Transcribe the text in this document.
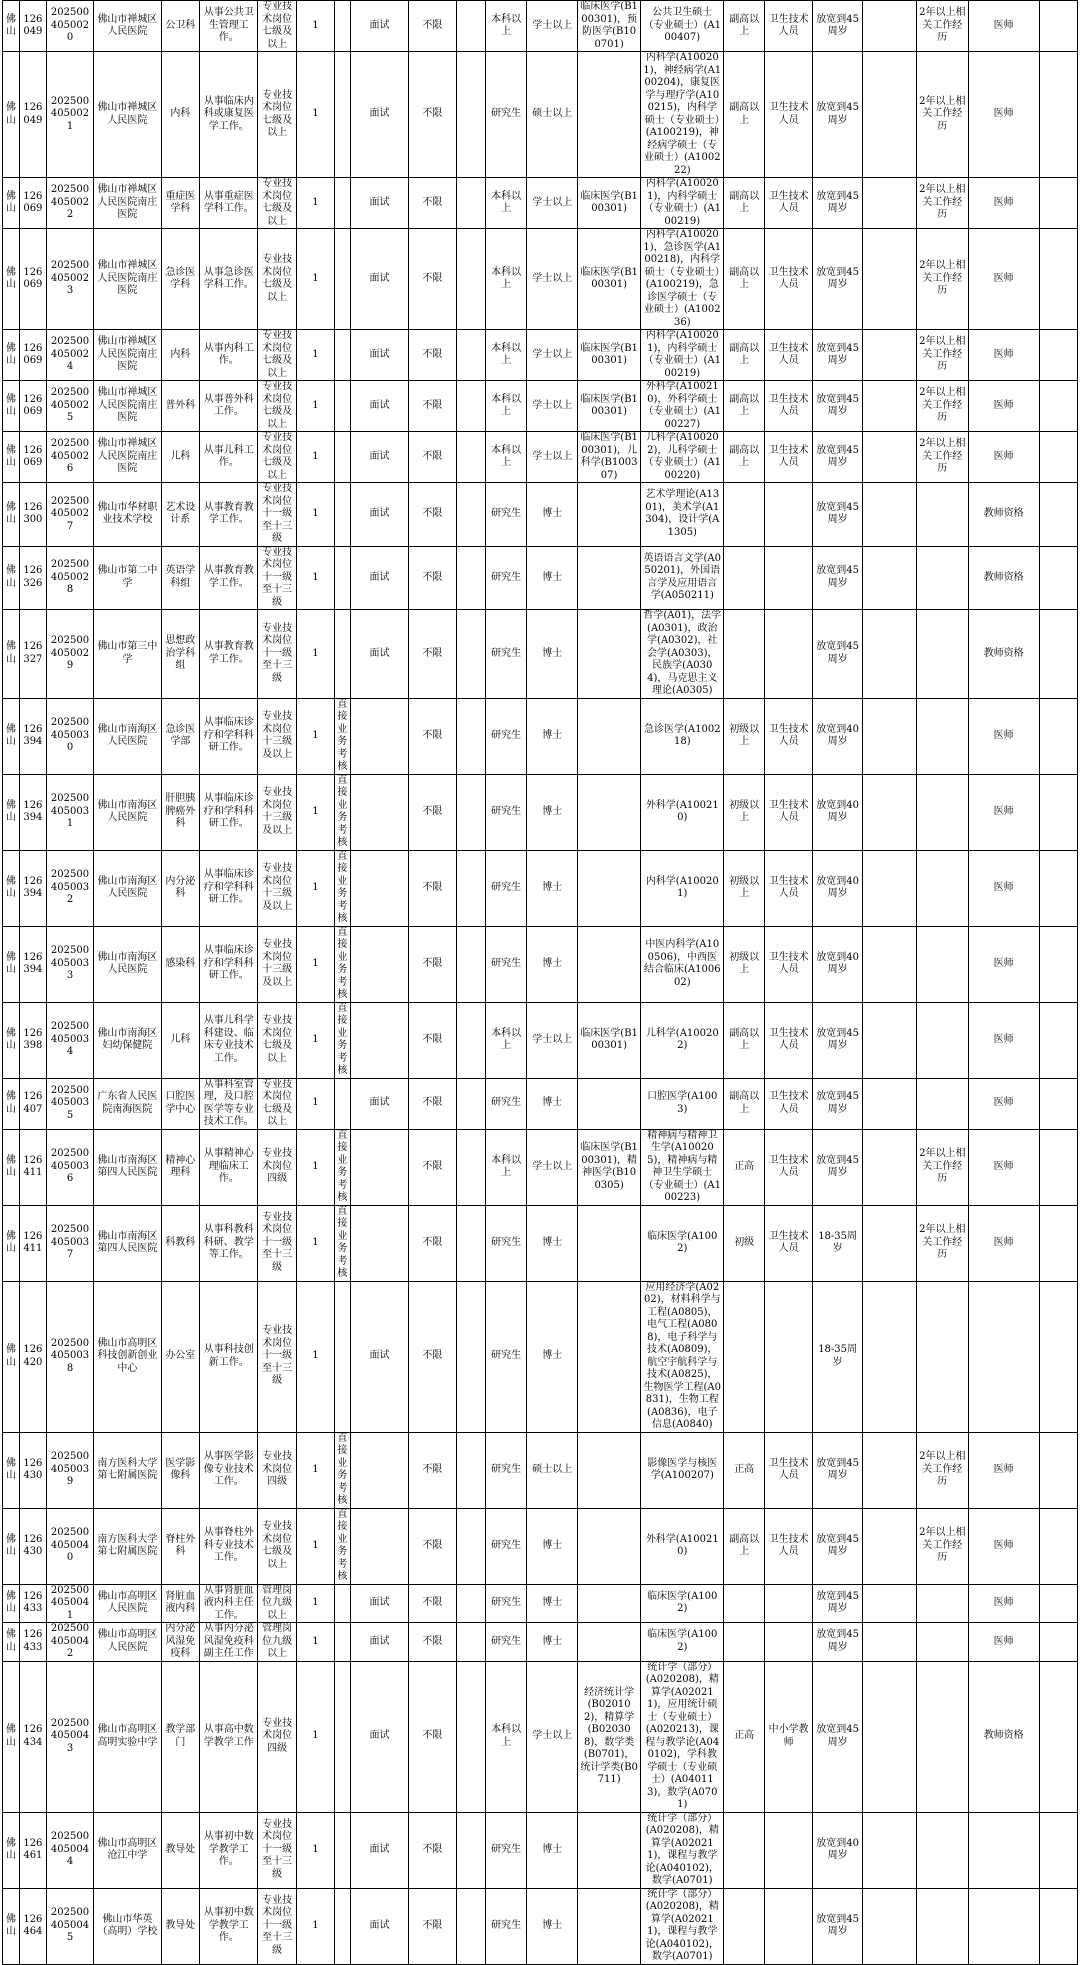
佛山	126049	2025004050020	佛山市禅城区人民医院	公卫科	从事公共卫生管理工作。	专业技术岗位七级及以上	1		面试	不限		本科以上	学士以上	临床医学(B100301)，预防医学(B100701)	公共卫生硕士（专业硕士）(A100407)	副高以上	卫生技术人员	放宽到45周岁		2年以上相关工作经历	医师	
佛山	126049	2025004050021	佛山市禅城区人民医院	内科	从事临床内科或康复医学工作。	专业技术岗位七级及以上	1		面试	不限		研究生	硕士以上		内科学(A100201)，神经病学(A100204)，康复医学与理疗学(A100215)，内科学硕士（专业硕士）(A100219)，神经病学硕士（专业硕士）(A100222)	副高以上	卫生技术人员	放宽到45周岁		2年以上相关工作经历	医师	
佛山	126069	2025004050022	佛山市禅城区人民医院南庄医院	重症医学科	从事重症医学科工作。	专业技术岗位七级及以上	1		面试	不限		本科以上	学士以上	临床医学(B100301)	内科学(A100201)，内科学硕士（专业硕士）(A100219)	副高以上	卫生技术人员	放宽到45周岁		2年以上相关工作经历	医师	
佛山	126069	2025004050023	佛山市禅城区人民医院南庄医院	急诊医学科	从事急诊医学科工作。	专业技术岗位七级及以上	1		面试	不限		本科以上	学士以上	临床医学(B100301)	内科学(A100201)，急诊医学(A100218)，内科学硕士（专业硕士）(A100219)，急诊医学硕士（专业硕士）(A100236)	副高以上	卫生技术人员	放宽到45周岁		2年以上相关工作经历	医师	
佛山	126069	2025004050024	佛山市禅城区人民医院南庄医院	内科	从事内科工作。	专业技术岗位七级及以上	1		面试	不限		本科以上	学士以上	临床医学(B100301)	内科学(A100201)，内科学硕士（专业硕士）(A100219)	副高以上	卫生技术人员	放宽到45周岁		2年以上相关工作经历	医师	
佛山	126069	2025004050025	佛山市禅城区人民医院南庄医院	普外科	从事普外科工作。	专业技术岗位七级及以上	1		面试	不限		本科以上	学士以上	临床医学(B100301)	外科学(A100210)，外科学硕士（专业硕士）(A100227)	副高以上	卫生技术人员	放宽到45周岁		2年以上相关工作经历	医师	
佛山	126069	2025004050026	佛山市禅城区人民医院南庄医院	儿科	从事儿科工作。	专业技术岗位七级及以上	1		面试	不限		本科以上	学士以上	临床医学(B100301)，儿科学(B100307)	儿科学(A100202)，儿科学硕士（专业硕士）(A100220)	副高以上	卫生技术人员	放宽到45周岁		2年以上相关工作经历	医师	
佛山	126300	2025004050027	佛山市华材职业技术学校	艺术设计系	从事教育教学工作。	专业技术岗位十一级至十三级	1		面试	不限		研究生	博士		艺术学理论(A1301)，美术学(A1304)，设计学(A1305)			放宽到45周岁			教师资格	
佛山	126326	2025004050028	佛山市第二中学	英语学科组	从事教育教学工作。	专业技术岗位十一级至十三级	1		面试	不限		研究生	博士		英语语言文学(A050201)，外国语言学及应用语言学(A050211)			放宽到45周岁			教师资格	
佛山	126327	2025004050029	佛山市第三中学	思想政治学科组	从事教育教学工作。	专业技术岗位十一级至十三级	1		面试	不限		研究生	博士		哲学(A01)，法学(A0301)，政治学(A0302)，社会学(A0303)，民族学(A0304)，马克思主义理论(A0305)			放宽到45周岁			教师资格	
佛山	126394	2025004050030	佛山市南海区人民医院	急诊医学部	从事临床诊疗和学科科研工作。	专业技术岗位十三级及以上	1	直接业务考核		不限		研究生	博士		急诊医学(A100218)	初级以上	卫生技术人员	放宽到40周岁			医师	
佛山	126394	2025004050031	佛山市南海区人民医院	肝胆胰脾癌外科	从事临床诊疗和学科科研工作。	专业技术岗位十三级及以上	1	直接业务考核		不限		研究生	博士		外科学(A100210)	初级以上	卫生技术人员	放宽到40周岁			医师	
佛山	126394	2025004050032	佛山市南海区人民医院	内分泌科	从事临床诊疗和学科科研工作。	专业技术岗位十三级及以上	1	直接业务考核		不限		研究生	博士		内科学(A100201)	初级以上	卫生技术人员	放宽到40周岁			医师	
佛山	126394	2025004050033	佛山市南海区人民医院	感染科	从事临床诊疗和学科科研工作。	专业技术岗位十三级及以上	1	直接业务考核		不限		研究生	博士		中医内科学(A100506)，中西医结合临床(A100602)	初级以上	卫生技术人员	放宽到40周岁			医师	
佛山	126398	2025004050034	佛山市南海区妇幼保健院	儿科	从事儿科学科建设、临床专业技术工作。	专业技术岗位七级及以上	1	直接业务考核		不限		本科以上	学士以上	临床医学(B100301)	儿科学(A100202)	副高以上	卫生技术人员	放宽到45周岁			医师	
佛山	126407	2025004050035	广东省人民医院南海医院	口腔医学中心	从事科室管理，及口腔医学等专业技术工作。	专业技术岗位七级及以上	1		面试	不限		研究生	博士		口腔医学(A1003)	副高以上	卫生技术人员	放宽到45周岁			医师	
佛山	126411	2025004050036	佛山市南海区第四人民医院	精神心理科	从事精神心理临床工作。	专业技术岗位四级	1	直接业务考核		不限		本科以上	学士以上	临床医学(B100301)，精神医学(B100305)	精神病与精神卫生学(A100205)，精神病与精神卫生学硕士（专业硕士）(A100223)	正高	卫生技术人员	放宽到45周岁		2年以上相关工作经历	医师	
佛山	126411	2025004050037	佛山市南海区第四人民医院	科教科	从事科教科科研、教学等工作。	专业技术岗位十一级至十三级	1	直接业务考核		不限		研究生	博士		临床医学(A1002)	初级	卫生技术人员	18-35周岁		2年以上相关工作经历	医师	
佛山	126420	2025004050038	佛山市高明区科技创新创业中心	办公室	从事科技创新工作。	专业技术岗位十一级至十三级	1		面试	不限		研究生	博士		应用经济学(A0202)，材料科学与工程(A0805)，电气工程(A0808)，电子科学与技术(A0809)，航空宇航科学与技术(A0825)，生物医学工程(A0831)，生物工程(A0836)，电子信息(A0840)			18-35周岁				
佛山	126430	2025004050039	南方医科大学第七附属医院	医学影像科	从事医学影像专业技术工作。	专业技术岗位四级	1	直接业务考核		不限		研究生	硕士以上		影像医学与核医学(A100207)	正高	卫生技术人员	放宽到45周岁		2年以上相关工作经历	医师	
佛山	126430	2025004050040	南方医科大学第七附属医院	脊柱外科	从事脊柱外科专业技术工作。	专业技术岗位七级及以上	1	直接业务考核		不限		研究生	博士		外科学(A100210)	副高以上	卫生技术人员	放宽到45周岁		2年以上相关工作经历	医师	
佛山	126433	2025004050041	佛山市高明区人民医院	肾脏血液内科	从事肾脏血液内科主任工作。	管理岗位九级以上	1		面试	不限		研究生	博士		临床医学(A1002)			放宽到45周岁			医师	
佛山	126433	2025004050042	佛山市高明区人民医院	内分泌风湿免疫科	从事内分泌风湿免疫科副主任工作	管理岗位九级以上	1		面试	不限		研究生	博士		临床医学(A1002)			放宽到45周岁			医师	
佛山	126434	2025004050043	佛山市高明区高明实验中学	教学部门	从事高中数学教学工作	专业技术岗位四级	1		面试	不限		本科以上	学士以上	经济统计学(B020102)，精算学(B020308)，数学类(B0701)，统计学类(B0711)	统计学（部分）(A020208)，精算学(A020211)，应用统计硕士（专业硕士）(A020213)，课程与教学论(A040102)，学科教学硕士（专业硕士）(A040113)，数学(A0701)	正高	中小学教师	放宽到45周岁			教师资格	
佛山	126461	2025004050044	佛山市高明区沧江中学	教导处	从事初中数学教学工作。	专业技术岗位十一级至十三级	1		面试	不限		研究生	博士		统计学（部分）(A020208)，精算学(A020211)，课程与教学论(A040102)，数学(A0701)			放宽到40周岁				
佛山	126464	2025004050045	佛山市华英（高明）学校	教导处	从事初中数学教学工作。	专业技术岗位十一级至十三级	1		面试	不限		研究生	博士		统计学（部分）(A020208)，精算学(A020211)，课程与教学论(A040102)，数学(A0701)			放宽到45周岁				
